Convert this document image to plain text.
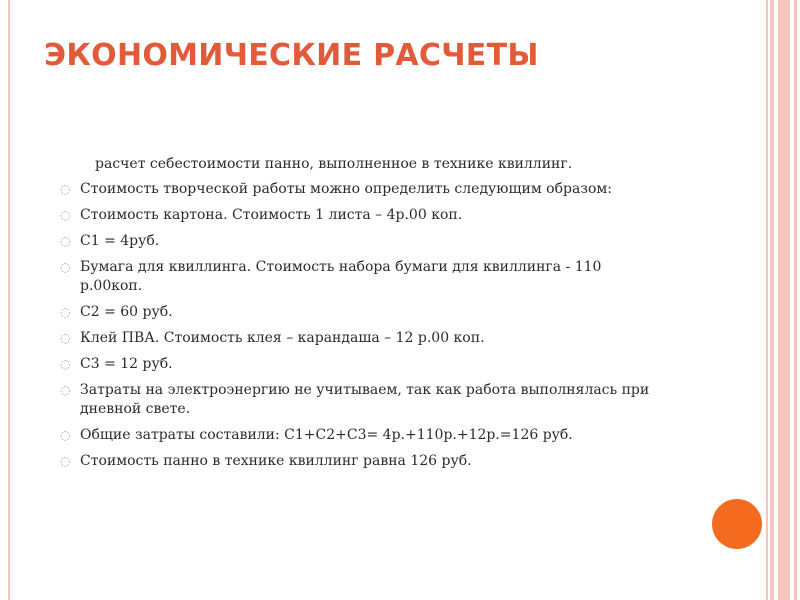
ЭКОНОМИЧЕСКИЕ РАСЧЕТЫ
расчет себестоимости панно, выполненное в технике квиллинг.
◌ Стоимость творческой работы можно определить следующим образом:
◌ Стоимость картона. Стоимость 1 листа – 4р.00 коп.
◌ С1 = 4руб.
◌ Бумага для квиллинга. Стоимость набора бумаги для квиллинга - 110 р.00коп.
◌ С2 = 60 руб.
◌ Клей ПВА. Стоимость клея – карандаша – 12 р.00 коп.
◌ С3 = 12 руб.
◌ Затраты на электроэнергию не учитываем, так как работа выполнялась при дневной свете.
◌ Общие затраты составили: С1+С2+С3= 4р.+110р.+12р.=126 руб.
◌ Стоимость панно в технике квиллинг равна 126 руб.
